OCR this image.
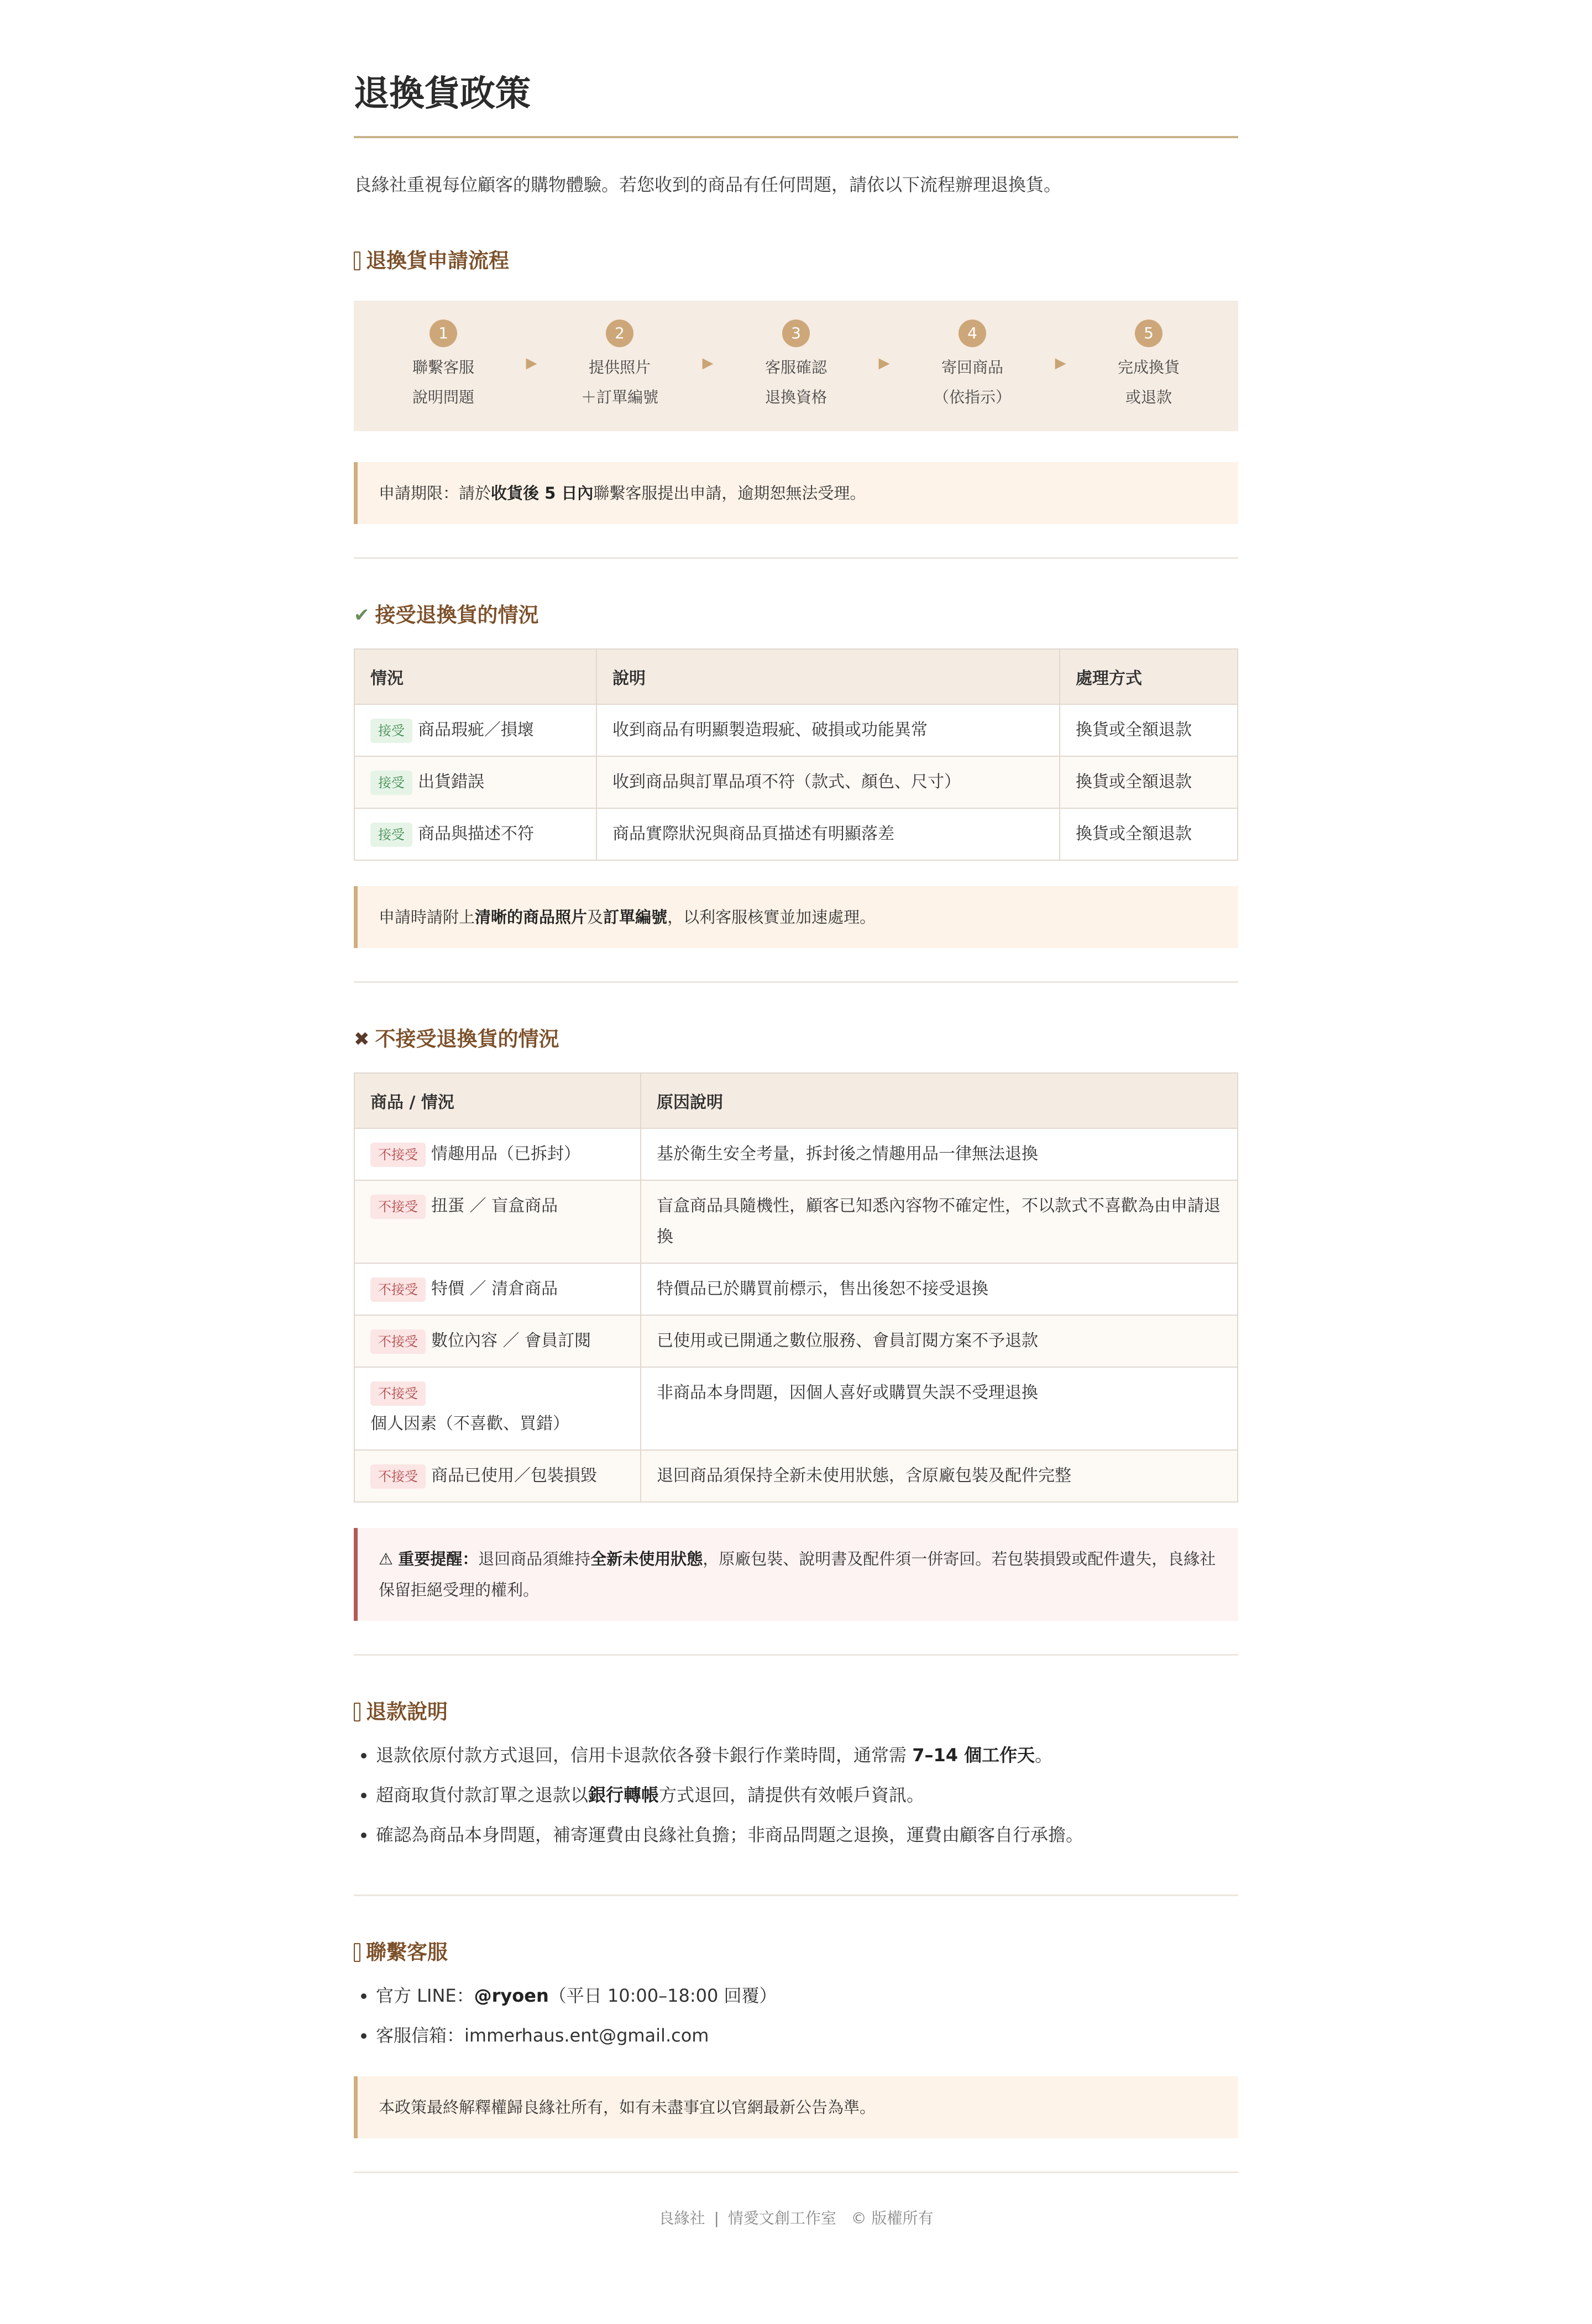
退換貨政策
良緣社重視每位顧客的購物體驗。若您收到的商品有任何問題，請依以下流程辦理退換貨。
退換貨申請流程
1
聯繫客服
說明問題
▶
2
提供照片
＋訂單編號
▶
3
客服確認
退換資格
▶
4
寄回商品
（依指示）
▶
5
完成換貨
或退款
申請期限：請於收貨後 5 日內聯繫客服提出申請，逾期恕無法受理。
✔ 接受退換貨的情況
情況	說明	處理方式
接受 商品瑕疵／損壞	收到商品有明顯製造瑕疵、破損或功能異常	換貨或全額退款
接受 出貨錯誤	收到商品與訂單品項不符（款式、顏色、尺寸）	換貨或全額退款
接受 商品與描述不符	商品實際狀況與商品頁描述有明顯落差	換貨或全額退款
申請時請附上清晰的商品照片及訂單編號，以利客服核實並加速處理。
✖ 不接受退換貨的情況
商品 / 情況	原因說明
不接受 情趣用品（已拆封）	基於衛生安全考量，拆封後之情趣用品一律無法退換
不接受 扭蛋 ／ 盲盒商品	盲盒商品具隨機性，顧客已知悉內容物不確定性，不以款式不喜歡為由申請退換
不接受 特價 ／ 清倉商品	特價品已於購買前標示，售出後恕不接受退換
不接受 數位內容 ／ 會員訂閱	已使用或已開通之數位服務、會員訂閱方案不予退款
不接受個人因素（不喜歡、買錯）	非商品本身問題，因個人喜好或購買失誤不受理退換
不接受 商品已使用／包裝損毀	退回商品須保持全新未使用狀態，含原廠包裝及配件完整
⚠ 重要提醒：退回商品須維持全新未使用狀態，原廠包裝、說明書及配件須一併寄回。若包裝損毀或配件遺失，良緣社保留拒絕受理的權利。
退款說明
• 退款依原付款方式退回，信用卡退款依各發卡銀行作業時間，通常需 7–14 個工作天。
• 超商取貨付款訂單之退款以銀行轉帳方式退回，請提供有效帳戶資訊。
• 確認為商品本身問題，補寄運費由良緣社負擔；非商品問題之退換，運費由顧客自行承擔。
聯繫客服
• 官方 LINE：@ryoen（平日 10:00–18:00 回覆）
• 客服信箱：immerhaus.ent@gmail.com
本政策最終解釋權歸良緣社所有，如有未盡事宜以官網最新公告為準。
良緣社 | 情愛文創工作室 © 版權所有
